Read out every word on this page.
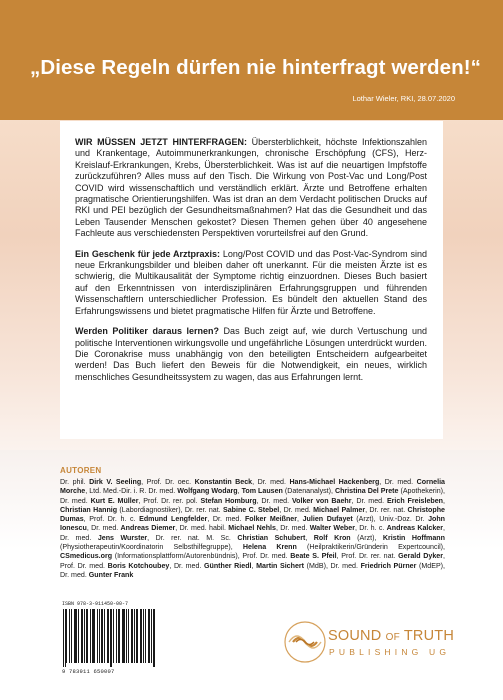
„Diese Regeln dürfen nie hinterfragt werden!“
Lothar Wieler, RKI, 28.07.2020

WIR MÜSSEN JETZT HINTERFRAGEN: Übersterblichkeit, höchste Infektionszahlen und Krankentage, Autoimmunerkrankungen, chronische Erschöpfung (CFS), Herz-Kreislauf-Erkrankungen, Krebs, Übersterblichkeit. Was ist auf die neuartigen Impfstoffe zurückzuführen? Alles muss auf den Tisch. Die Wirkung von Post-Vac und Long/Post COVID wird wissenschaftlich und verständlich erklärt. Ärzte und Betroffene erhalten pragmatische Orientierungshilfen. Was ist dran an dem Verdacht politischen Drucks auf RKI und PEI bezüglich der Gesundheitsmaßnahmen? Hat das die Gesundheit und das Leben Tausender Menschen gekostet? Diesen Themen gehen über 40 angesehene Fachleute aus verschiedensten Perspektiven vorurteilsfrei auf den Grund.

Ein Geschenk für jede Arztpraxis: Long/Post COVID und das Post-Vac-Syndrom sind neue Erkrankungsbilder und bleiben daher oft unerkannt. Für die meisten Ärzte ist es schwierig, die Multikausalität der Symptome richtig einzuordnen. Dieses Buch basiert auf den Erkenntnissen von interdisziplinären Erfahrungsgruppen und führenden Wissenschaftlern unterschiedlicher Profession. Es bündelt den aktuellen Stand des Erfahrungswissens und bietet pragmatische Hilfen für Ärzte und Betroffene.

Werden Politiker daraus lernen? Das Buch zeigt auf, wie durch Vertuschung und politische Interventionen wirkungsvolle und ungefährliche Lösungen unterdrückt wurden. Die Coronakrise muss unabhängig von den beteiligten Entscheidern aufgearbeitet werden! Das Buch liefert den Beweis für die Notwendigkeit, ein neues, wirklich menschliches Gesundheitssystem zu wagen, das aus Erfahrungen lernt.

AUTOREN
Dr. phil. Dirk V. Seeling, Prof. Dr. oec. Konstantin Beck, Dr. med. Hans-Michael Hackenberg, Dr. med. Cornelia Morche, Ltd. Med.-Dir. i. R. Dr. med. Wolfgang Wodarg, Tom Lausen (Datenanalyst), Christina Del Prete (Apothekerin), Dr. med. Kurt E. Müller, Prof. Dr. rer. pol. Stefan Homburg, Dr. med. Volker von Baehr, Dr. med. Erich Freisleben, Christian Hannig (Labordiagnostiker), Dr. rer. nat. Sabine C. Stebel, Dr. med. Michael Palmer, Dr. rer. nat. Christophe Dumas, Prof. Dr. h. c. Edmund Lengfelder, Dr. med. Folker Meißner, Julien Dufayet (Arzt), Univ.-Doz. Dr. John Ionescu, Dr. med. Andreas Diemer, Dr. med. habil. Michael Nehls, Dr. med. Walter Weber, Dr. h. c. Andreas Kalcker, Dr. med. Jens Wurster, Dr. rer. nat. M. Sc. Christian Schubert, Rolf Kron (Arzt), Kristin Hoffmann (Physiotherapeutin/Koordinatorin Selbsthilfegruppe), Helena Krenn (Heilpraktikerin/Gründerin Expertcouncil), CSmedicus.org (Informationsplattform/Autorenbündnis), Prof. Dr. med. Beate S. Pfeil, Prof. Dr. rer. nat. Gerald Dyker, Prof. Dr. med. Boris Kotchoubey, Dr. med. Günther Riedl, Martin Sichert (MdB), Dr. med. Friedrich Pürner (MdEP), Dr. med. Gunter Frank
ISBN 978-3-911450-00-7
9 783911 650007
SOUND OF TRUTH
PUBLISHING UG
